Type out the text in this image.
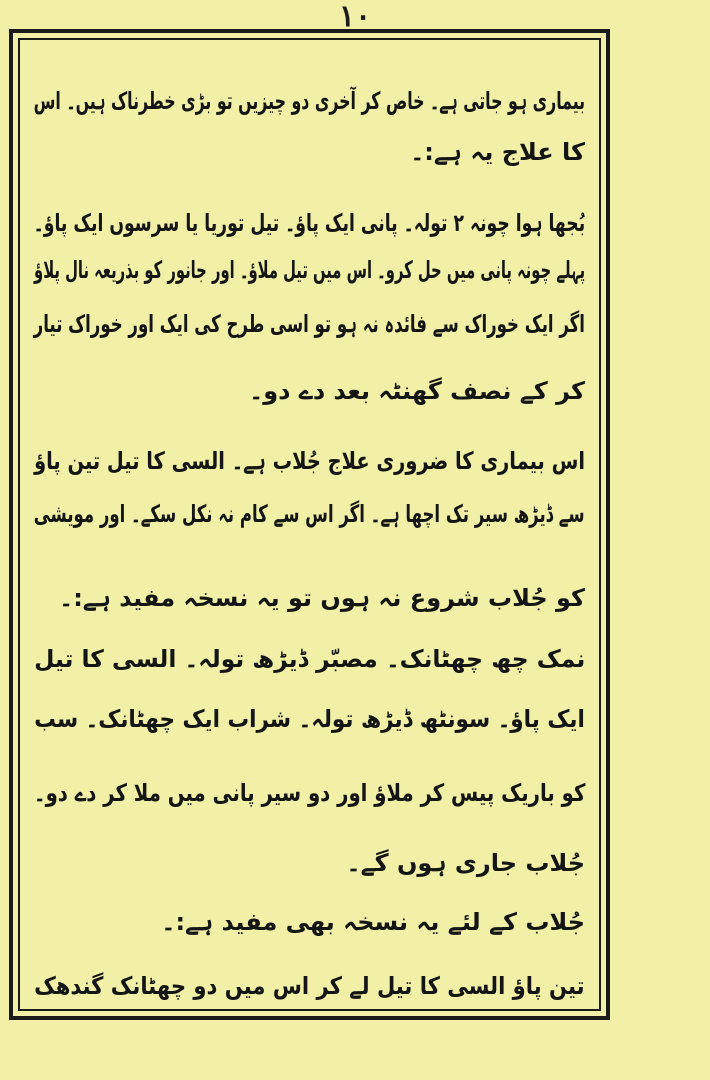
۱۰
بیماری ہو جاتی ہے۔ خاص کر آخری دو چیزیں تو بڑی خطرناک ہیں۔ اس
کا علاج یہ ہے:۔
بُجھا ہوا چونہ ۲ تولہ۔ پانی ایک پاؤ۔ تیل توریا یا سرسوں ایک پاؤ۔
پہلے چونہ پانی میں حل کرو۔ اس میں تیل ملاؤ۔ اور جانور کو بذریعہ نال پلاؤ
اگر ایک خوراک سے فائدہ نہ ہو تو اسی طرح کی ایک اور خوراک تیار
کر کے نصف گھنٹہ بعد دے دو۔
اس بیماری کا ضروری علاج جُلاب ہے۔ السی کا تیل تین پاؤ
سے ڈیڑھ سیر تک اچھا ہے۔ اگر اس سے کام نہ نکل سکے۔ اور مویشی
کو جُلاب شروع نہ ہوں تو یہ نسخہ مفید ہے:۔
نمک چھ چھٹانک۔ مصبّر ڈیڑھ تولہ۔ السی کا تیل
ایک پاؤ۔ سونٹھ ڈیڑھ تولہ۔ شراب ایک چھٹانک۔ سب
کو باریک پیس کر ملاؤ اور دو سیر پانی میں ملا کر دے دو۔
جُلاب جاری ہوں گے۔
جُلاب کے لئے یہ نسخہ بھی مفید ہے:۔
تین پاؤ السی کا تیل لے کر اس میں دو چھٹانک گندھک
